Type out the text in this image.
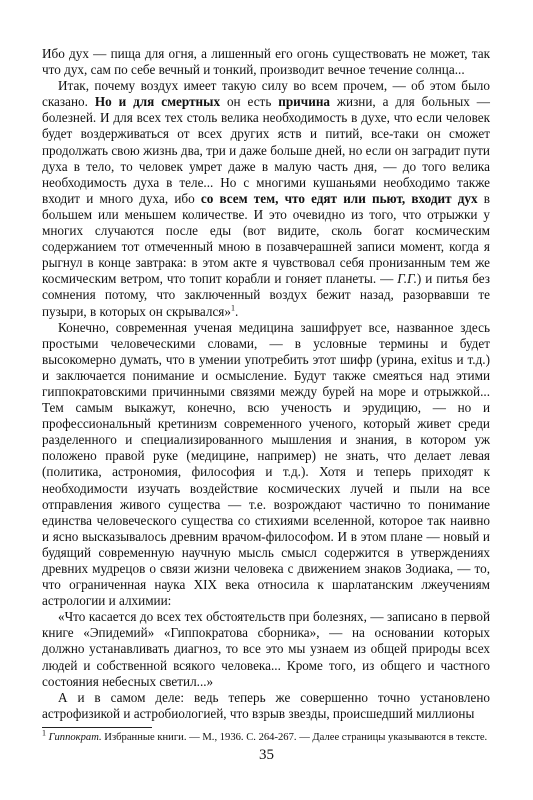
Ибо дух — пища для огня, а лишенный его огонь существовать не может, так что дух, сам по себе вечный и тонкий, производит вечное течение солнца...

Итак, почему воздух имеет такую силу во всем прочем, — об этом было сказано. Но и для смертных он есть причина жизни, а для больных — болезней. И для всех тех столь велика необходимость в духе, что если человек будет воздерживаться от всех других яств и питий, все-таки он сможет продолжать свою жизнь два, три и даже больше дней, но если он заградит пути духа в тело, то человек умрет даже в малую часть дня, — до того велика необходимость духа в теле... Но с многими кушаньями необходимо также входит и много духа, ибо со всем тем, что едят или пьют, входит дух в большем или меньшем количестве. И это очевидно из того, что отрыжки у многих случаются после еды (вот видите, сколь богат космическим содержанием тот отмеченный мною в позавчерашней записи момент, когда я рыгнул в конце завтрака: в этом акте я чувствовал себя пронизанным тем же космическим ветром, что топит корабли и гоняет планеты. — Г.Г.) и питья без сомнения потому, что заключенный воздух бежит назад, разорвавши те пузыри, в которых он скрывался»$^1$.

Конечно, современная ученая медицина зашифрует все, названное здесь простыми человеческими словами, — в условные термины и будет высокомерно думать, что в умении употребить этот шифр (урина, exitus и т.д.) и заключается понимание и осмысление. Будут также смеяться над этими гиппократовскими причинными связями между бурей на море и отрыжкой... Тем самым выкажут, конечно, всю ученость и эрудицию, — но и профессиональный кретинизм современного ученого, который живет среди разделенного и специализированного мышления и знания, в котором уж положено правой руке (медицине, например) не знать, что делает левая (политика, астрономия, философия и т.д.). Хотя и теперь приходят к необходимости изучать воздействие космических лучей и пыли на все отправления живого существа — т.е. возрождают частично то понимание единства человеческого существа со стихиями вселенной, которое так наивно и ясно высказывалось древним врачом-философом. И в этом плане — новый и будящий современную научную мысль смысл содержится в утверждениях древних мудрецов о связи жизни человека с движением знаков Зодиака, — то, что ограниченная наука XIX века относила к шарлатанским лжеучениям астрологии и алхимии:

«Что касается до всех тех обстоятельств при болезнях, — записано в первой книге «Эпидемий» «Гиппократова сборника», — на основании которых должно устанавливать диагноз, то все это мы узнаем из общей природы всех людей и собственной всякого человека... Кроме того, из общего и частного состояния небесных светил...»

А и в самом деле: ведь теперь же совершенно точно установлено астрофизикой и астробиологией, что взрыв звезды, происшедший миллионы

$^1$ Гиппократ. Избранные книги. — М., 1936. С. 264-267. — Далее страницы указываются в тексте.
35
